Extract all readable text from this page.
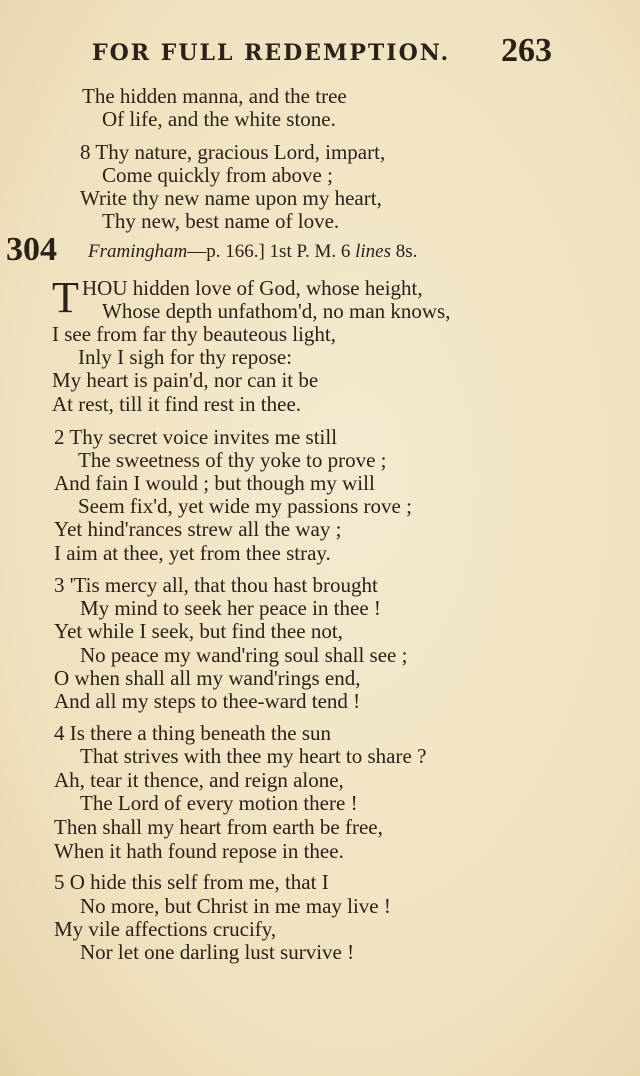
FOR FULL REDEMPTION. 263
The hidden manna, and the tree
Of life, and the white stone.
8 Thy nature, gracious Lord, impart,
Come quickly from above ;
Write thy new name upon my heart,
Thy new, best name of love.
304 Framingham—p. 166.] 1st P. M. 6 lines 8s.
T HOU hidden love of God, whose height,
Whose depth unfathom'd, no man knows,
I see from far thy beauteous light,
Inly I sigh for thy repose:
My heart is pain'd, nor can it be
At rest, till it find rest in thee.
2 Thy secret voice invites me still
The sweetness of thy yoke to prove ;
And fain I would ; but though my will
Seem fix'd, yet wide my passions rove ;
Yet hind'rances strew all the way ;
I aim at thee, yet from thee stray.
3 'Tis mercy all, that thou hast brought
My mind to seek her peace in thee !
Yet while I seek, but find thee not,
No peace my wand'ring soul shall see ;
O when shall all my wand'rings end,
And all my steps to thee-ward tend !
4 Is there a thing beneath the sun
That strives with thee my heart to share ?
Ah, tear it thence, and reign alone,
The Lord of every motion there !
Then shall my heart from earth be free,
When it hath found repose in thee.
5 O hide this self from me, that I
No more, but Christ in me may live !
My vile affections crucify,
Nor let one darling lust survive !
